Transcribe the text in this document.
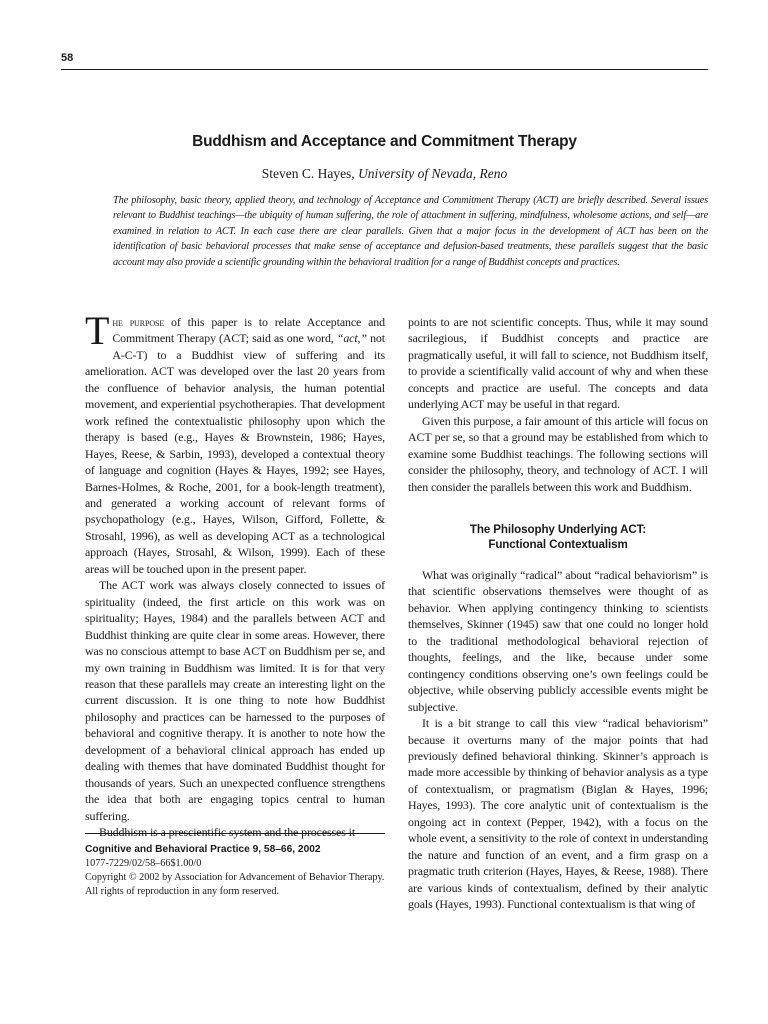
58
Buddhism and Acceptance and Commitment Therapy
Steven C. Hayes, University of Nevada, Reno
The philosophy, basic theory, applied theory, and technology of Acceptance and Commitment Therapy (ACT) are briefly described. Several issues relevant to Buddhist teachings—the ubiquity of human suffering, the role of attachment in suffering, mindfulness, wholesome actions, and self—are examined in relation to ACT. In each case there are clear parallels. Given that a major focus in the development of ACT has been on the identification of basic behavioral processes that make sense of acceptance and defusion-based treatments, these parallels suggest that the basic account may also provide a scientific grounding within the behavioral tradition for a range of Buddhist concepts and practices.

The purpose of this paper is to relate Acceptance and Commitment Therapy (ACT; said as one word, “act,” not A-C-T) to a Buddhist view of suffering and its amelioration. ACT was developed over the last 20 years from the confluence of behavior analysis, the human potential movement, and experiential psychotherapies. That development work refined the contextualistic philosophy upon which the therapy is based (e.g., Hayes & Brownstein, 1986; Hayes, Hayes, Reese, & Sarbin, 1993), developed a contextual theory of language and cognition (Hayes & Hayes, 1992; see Hayes, Barnes-Holmes, & Roche, 2001, for a book-length treatment), and generated a working account of relevant forms of psychopathology (e.g., Hayes, Wilson, Gifford, Follette, & Strosahl, 1996), as well as developing ACT as a technological approach (Hayes, Strosahl, & Wilson, 1999). Each of these areas will be touched upon in the present paper.

The ACT work was always closely connected to issues of spirituality (indeed, the first article on this work was on spirituality; Hayes, 1984) and the parallels between ACT and Buddhist thinking are quite clear in some areas. However, there was no conscious attempt to base ACT on Buddhism per se, and my own training in Buddhism was limited. It is for that very reason that these parallels may create an interesting light on the current discussion. It is one thing to note how Buddhist philosophy and practices can be harnessed to the purposes of behavioral and cognitive therapy. It is another to note how the development of a behavioral clinical approach has ended up dealing with themes that have dominated Buddhist thought for thousands of years. Such an unexpected confluence strengthens the idea that both are engaging topics central to human suffering.

Buddhism is a prescientific system and the processes it

points to are not scientific concepts. Thus, while it may sound sacrilegious, if Buddhist concepts and practice are pragmatically useful, it will fall to science, not Buddhism itself, to provide a scientifically valid account of why and when these concepts and practice are useful. The concepts and data underlying ACT may be useful in that regard.

Given this purpose, a fair amount of this article will focus on ACT per se, so that a ground may be established from which to examine some Buddhist teachings. The following sections will consider the philosophy, theory, and technology of ACT. I will then consider the parallels between this work and Buddhism.

The Philosophy Underlying ACT:
Functional Contextualism

What was originally “radical” about “radical behaviorism” is that scientific observations themselves were thought of as behavior. When applying contingency thinking to scientists themselves, Skinner (1945) saw that one could no longer hold to the traditional methodological behavioral rejection of thoughts, feelings, and the like, because under some contingency conditions observing one’s own feelings could be objective, while observing publicly accessible events might be subjective.

It is a bit strange to call this view “radical behaviorism” because it overturns many of the major points that had previously defined behavioral thinking. Skinner’s approach is made more accessible by thinking of behavior analysis as a type of contextualism, or pragmatism (Biglan & Hayes, 1996; Hayes, 1993). The core analytic unit of contextualism is the ongoing act in context (Pepper, 1942), with a focus on the whole event, a sensitivity to the role of context in understanding the nature and function of an event, and a firm grasp on a pragmatic truth criterion (Hayes, Hayes, & Reese, 1988). There are various kinds of contextualism, defined by their analytic goals (Hayes, 1993). Functional contextualism is that wing of

Cognitive and Behavioral Practice 9, 58–66, 2002
1077-7229/02/58–66$1.00/0
Copyright © 2002 by Association for Advancement of Behavior Therapy. All rights of reproduction in any form reserved.
